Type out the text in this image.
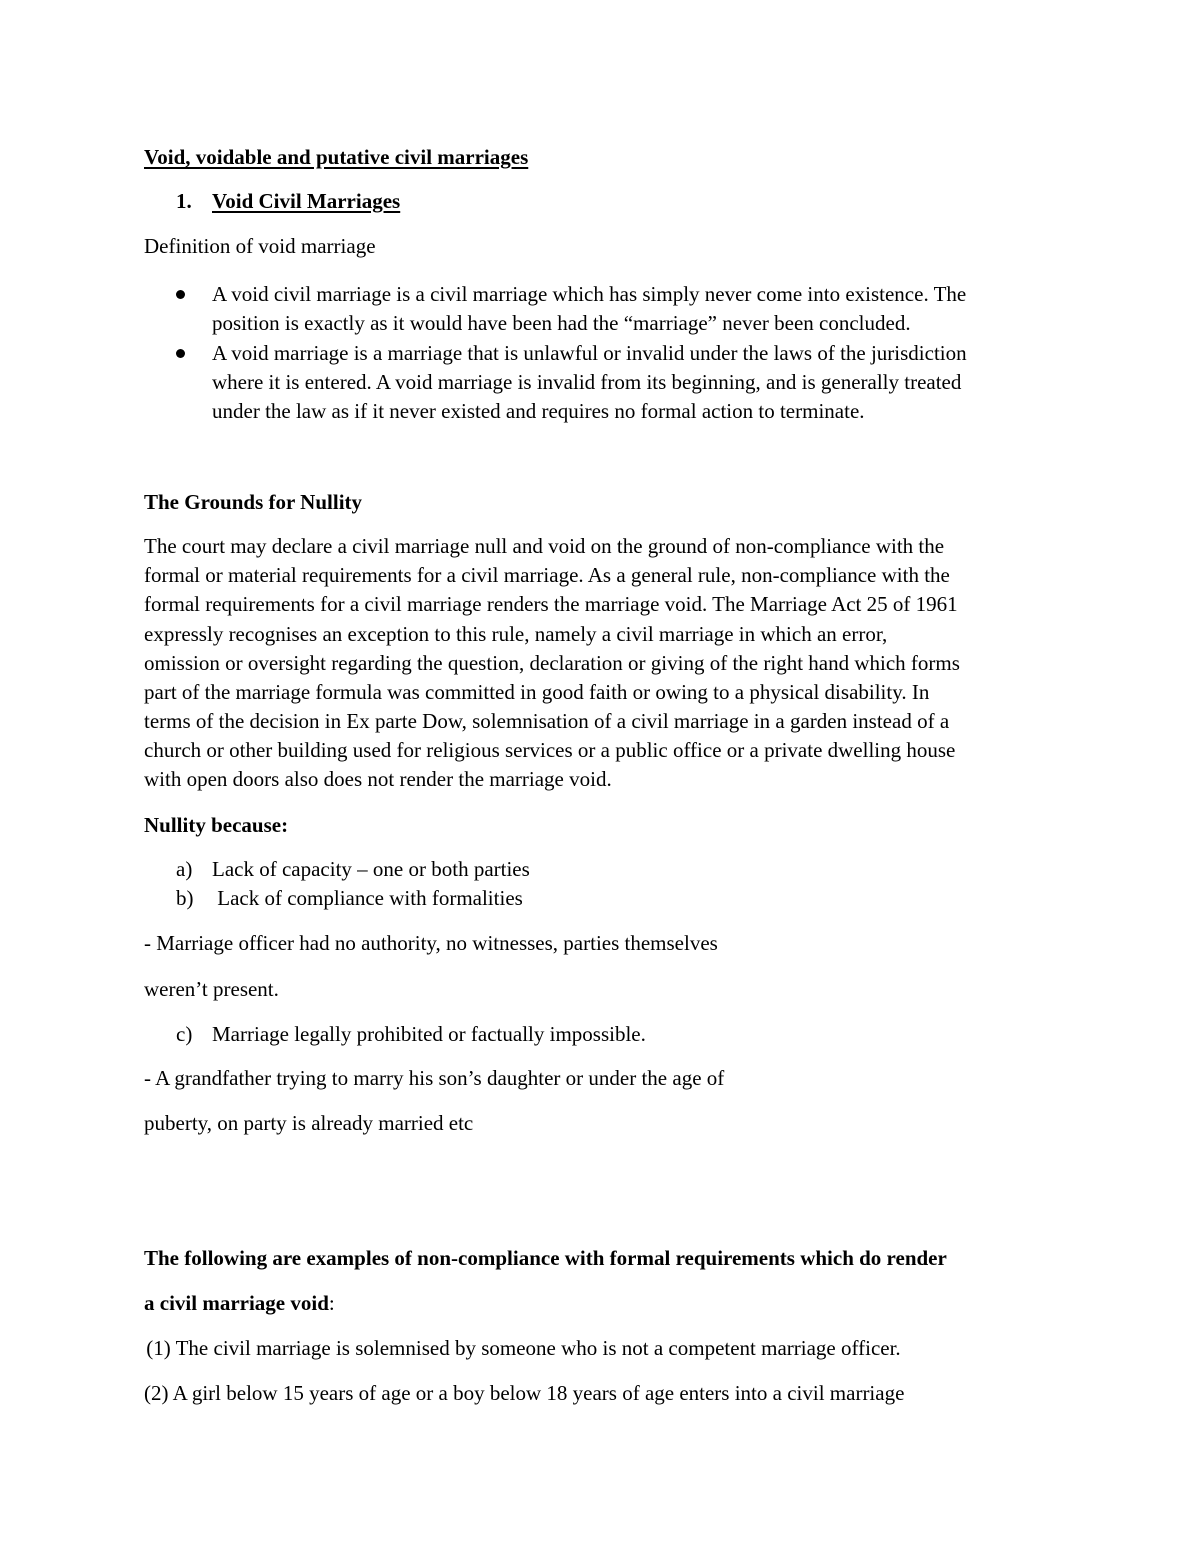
Void, voidable and putative civil marriages
1. Void Civil Marriages
Definition of void marriage
A void civil marriage is a civil marriage which has simply never come into existence. The
position is exactly as it would have been had the “marriage” never been concluded.
A void marriage is a marriage that is unlawful or invalid under the laws of the jurisdiction
where it is entered. A void marriage is invalid from its beginning, and is generally treated
under the law as if it never existed and requires no formal action to terminate.
The Grounds for Nullity
The court may declare a civil marriage null and void on the ground of non-compliance with the
formal or material requirements for a civil marriage. As a general rule, non-compliance with the
formal requirements for a civil marriage renders the marriage void. The Marriage Act 25 of 1961
expressly recognises an exception to this rule, namely a civil marriage in which an error,
omission or oversight regarding the question, declaration or giving of the right hand which forms
part of the marriage formula was committed in good faith or owing to a physical disability. In
terms of the decision in Ex parte Dow, solemnisation of a civil marriage in a garden instead of a
church or other building used for religious services or a public office or a private dwelling house
with open doors also does not render the marriage void.
Nullity because:
a) Lack of capacity – one or both parties
b) Lack of compliance with formalities
- Marriage officer had no authority, no witnesses, parties themselves
weren’t present.
c) Marriage legally prohibited or factually impossible.
- A grandfather trying to marry his son’s daughter or under the age of
puberty, on party is already married etc
The following are examples of non-compliance with formal requirements which do render
a civil marriage void:
(1) The civil marriage is solemnised by someone who is not a competent marriage officer.
(2) A girl below 15 years of age or a boy below 18 years of age enters into a civil marriage
